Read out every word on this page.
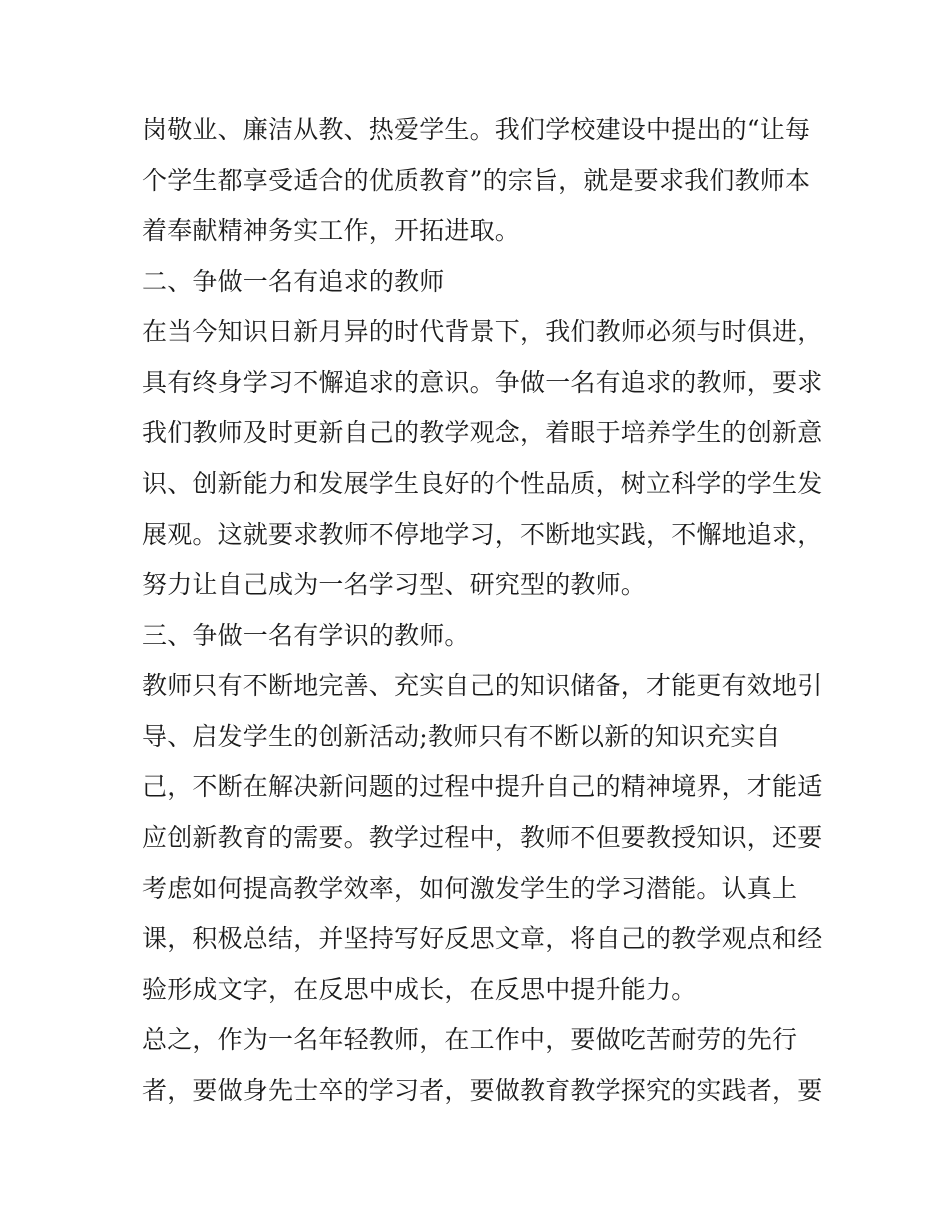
岗敬业、廉洁从教、热爱学生。我们学校建设中提出的“让每
个学生都享受适合的优质教育”的宗旨，就是要求我们教师本
着奉献精神务实工作，开拓进取。
二、争做一名有追求的教师
在当今知识日新月异的时代背景下，我们教师必须与时俱进，
具有终身学习不懈追求的意识。争做一名有追求的教师，要求
我们教师及时更新自己的教学观念，着眼于培养学生的创新意
识、创新能力和发展学生良好的个性品质，树立科学的学生发
展观。这就要求教师不停地学习，不断地实践，不懈地追求，
努力让自己成为一名学习型、研究型的教师。
三、争做一名有学识的教师。
教师只有不断地完善、充实自己的知识储备，才能更有效地引
导、启发学生的创新活动;教师只有不断以新的知识充实自
己，不断在解决新问题的过程中提升自己的精神境界，才能适
应创新教育的需要。教学过程中，教师不但要教授知识，还要
考虑如何提高教学效率，如何激发学生的学习潜能。认真上
课，积极总结，并坚持写好反思文章，将自己的教学观点和经
验形成文字，在反思中成长，在反思中提升能力。
总之，作为一名年轻教师，在工作中，要做吃苦耐劳的先行
者，要做身先士卒的学习者，要做教育教学探究的实践者，要
